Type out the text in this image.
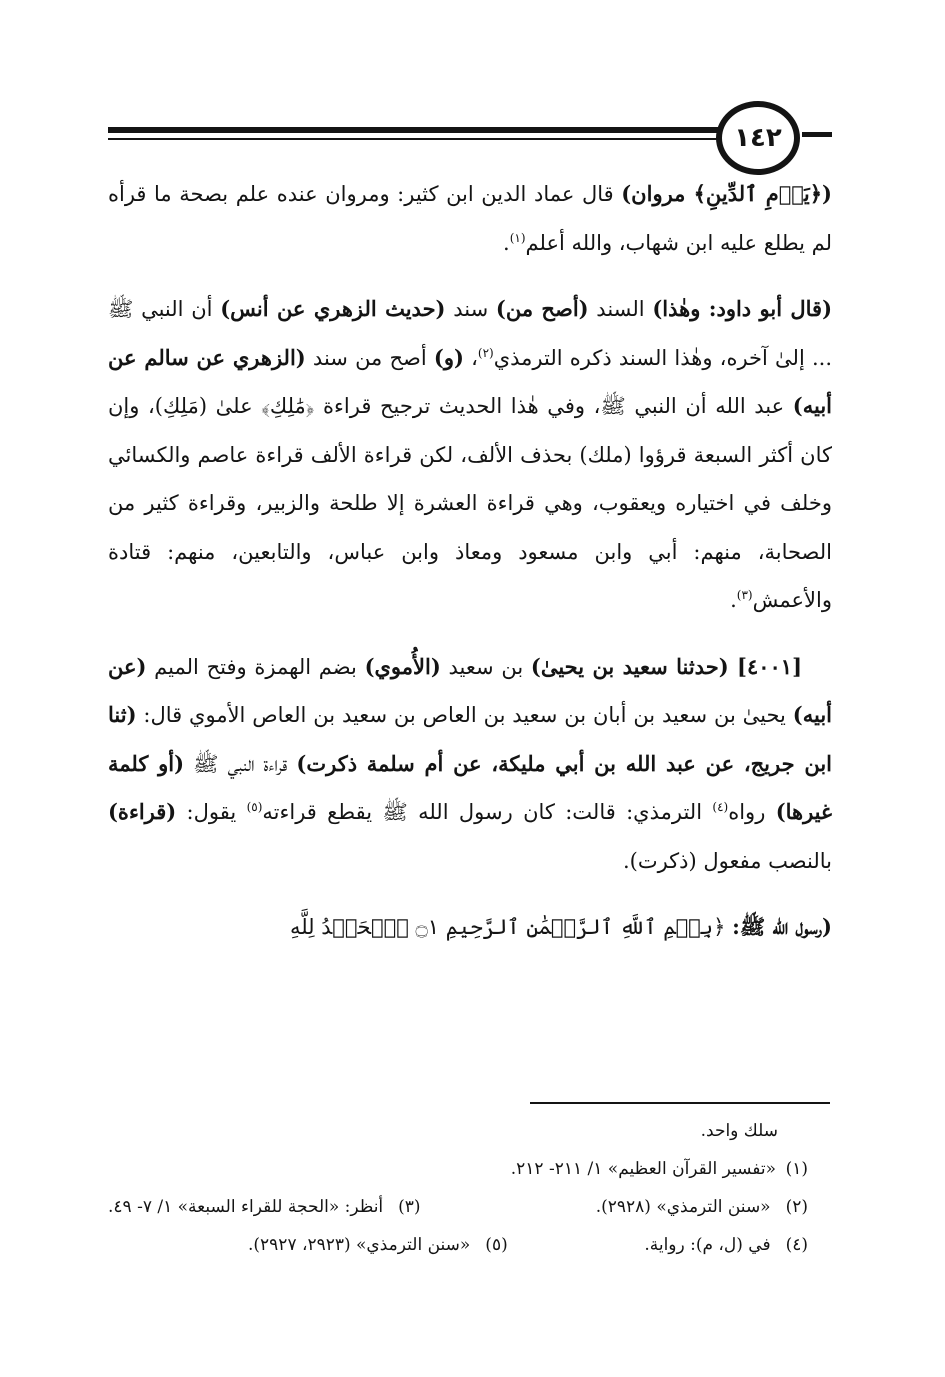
١٤٢

(﴿يَوۡمِ ٱلدِّينِ﴾ مروان) قال عماد الدين ابن كثير: ومروان عنده علم بصحة ما قرأه لم يطلع عليه ابن شهاب، والله أعلم$^{(١)}$.

(قال أبو داود: وهٰذا) السند (أصح من) سند (حديث الزهري عن أنس) أن النبي ﷺ ... إلىٰ آخره، وهٰذا السند ذكره الترمذي$^{(٢)}$، (و) أصح من سند (الزهري عن سالم عن أبيه) عبد الله أن النبي ﷺ، وفي هٰذا الحديث ترجيح قراءة ﴿مَٰلِكِ﴾ علىٰ (مَلِكِ)، وإن كان أكثر السبعة قرؤوا (ملك) بحذف الألف، لكن قراءة الألف قراءة عاصم والكسائي وخلف في اختياره ويعقوب، وهي قراءة العشرة إلا طلحة والزبير، وقراءة كثير من الصحابة، منهم: أبي وابن مسعود ومعاذ وابن عباس، والتابعين، منهم: قتادة والأعمش$^{(٣)}$.

[٤٠٠١] (حدثنا سعيد بن يحيىٰ) بن سعيد (الأُموي) بضم الهمزة وفتح الميم (عن أبيه) يحيىٰ بن سعيد بن أبان بن سعيد بن العاص بن سعيد بن العاص الأموي قال: (ثنا ابن جريج، عن عبد الله بن أبي مليكة، عن أم سلمة ذكرت) قراءة النبي ﷺ (أو كلمة غيرها) رواه$^{(٤)}$ الترمذي: قالت: كان رسول الله ﷺ يقطع قراءته$^{(٥)}$ يقول: (قراءة) بالنصب مفعول (ذكرت).

(رسول الله ﷺ: ﴿بِسۡمِ ٱللَّهِ ٱلرَّحۡمَٰنِ ٱلرَّحِيمِ ۝١ ٱلۡحَمۡدُ لِلَّهِ

سلك واحد.
(١)
«تفسير القرآن العظيم» ١/ ٢١١- ٢١٢.
(٢) «سنن الترمذي» (٢٩٢٨).
(٣) أنظر: «الحجة للقراء السبعة» ١/ ٧- ٤٩.
(٤) في (ل، م): رواية.
(٥) «سنن الترمذي» (٢٩٢٣، ٢٩٢٧).
